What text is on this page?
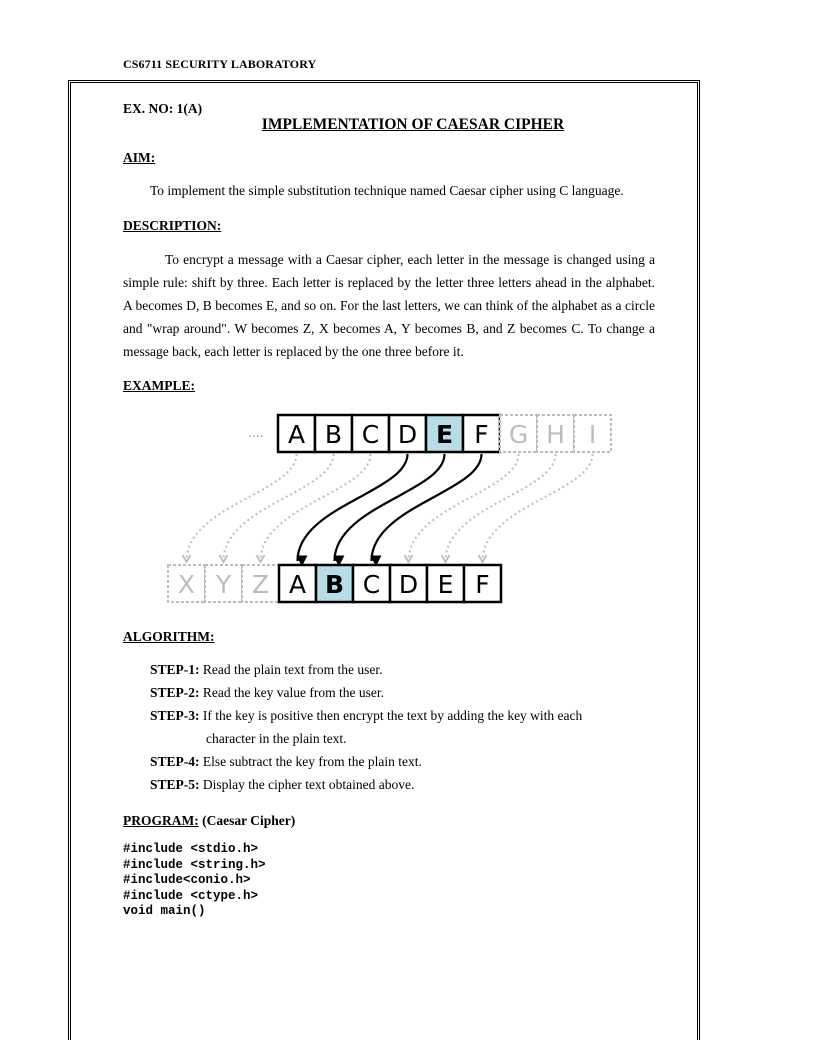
CS6711 SECURITY LABORATORY
EX. NO: 1(A)
IMPLEMENTATION OF CAESAR CIPHER
AIM:
To implement the simple substitution technique named Caesar cipher using C language.
DESCRIPTION:
To encrypt a message with a Caesar cipher, each letter in the message is changed using a simple rule: shift by three. Each letter is replaced by the letter three letters ahead in the alphabet. A becomes D, B becomes E, and so on. For the last letters, we can think of the alphabet as a circle and "wrap around". W becomes Z, X becomes A, Y becomes B, and Z becomes C. To change a message back, each letter is replaced by the one three before it.
EXAMPLE:
A B C D E F G H I
X Y Z A B C D E F
....
ALGORITHM:
STEP-1: Read the plain text from the user.
STEP-2: Read the key value from the user.
STEP-3: If the key is positive then encrypt the text by adding the key with each
character in the plain text.
STEP-4: Else subtract the key from the plain text.
STEP-5: Display the cipher text obtained above.
PROGRAM: (Caesar Cipher)
#include <stdio.h>
#include <string.h>
#include<conio.h>
#include <ctype.h>
void main()
